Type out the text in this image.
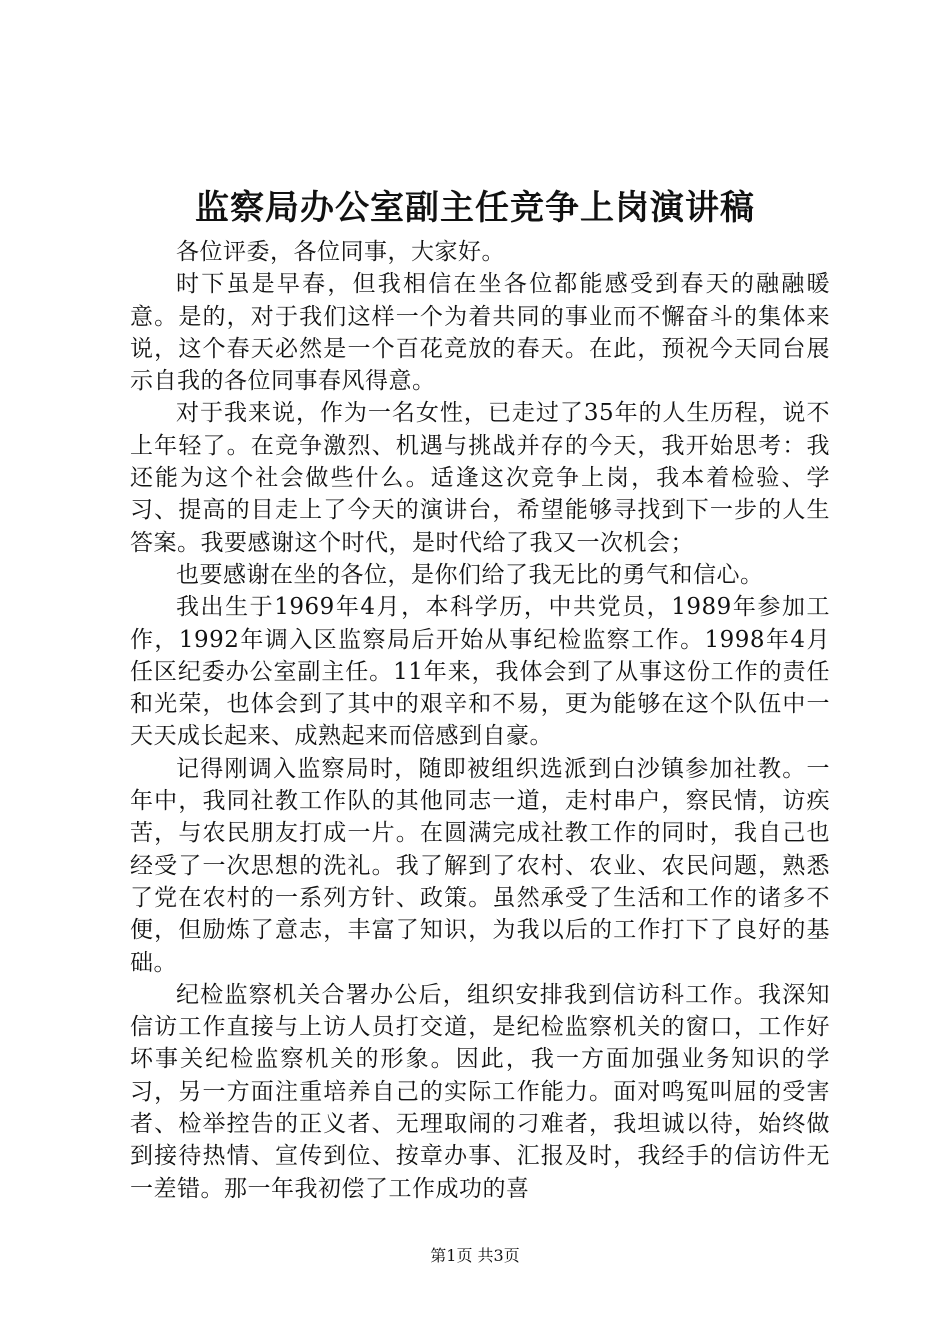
监察局办公室副主任竞争上岗演讲稿

各位评委，各位同事，大家好。

时下虽是早春，但我相信在坐各位都能感受到春天的融融暖意。是的，对于我们这样一个为着共同的事业而不懈奋斗的集体来说，这个春天必然是一个百花竞放的春天。在此，预祝今天同台展示自我的各位同事春风得意。

对于我来说，作为一名女性，已走过了35年的人生历程，说不上年轻了。在竞争激烈、机遇与挑战并存的今天，我开始思考：我还能为这个社会做些什么。适逢这次竞争上岗，我本着检验、学习、提高的目走上了今天的演讲台，希望能够寻找到下一步的人生答案。我要感谢这个时代，是时代给了我又一次机会；

也要感谢在坐的各位，是你们给了我无比的勇气和信心。

我出生于1969年4月，本科学历，中共党员，1989年参加工作，1992年调入区监察局后开始从事纪检监察工作。1998年4月任区纪委办公室副主任。11年来，我体会到了从事这份工作的责任和光荣，也体会到了其中的艰辛和不易，更为能够在这个队伍中一天天成长起来、成熟起来而倍感到自豪。

记得刚调入监察局时，随即被组织选派到白沙镇参加社教。一年中，我同社教工作队的其他同志一道，走村串户，察民情，访疾苦，与农民朋友打成一片。在圆满完成社教工作的同时，我自己也经受了一次思想的洗礼。我了解到了农村、农业、农民问题，熟悉了党在农村的一系列方针、政策。虽然承受了生活和工作的诸多不便，但励炼了意志，丰富了知识，为我以后的工作打下了良好的基础。

纪检监察机关合署办公后，组织安排我到信访科工作。我深知信访工作直接与上访人员打交道，是纪检监察机关的窗口，工作好坏事关纪检监察机关的形象。因此，我一方面加强业务知识的学习，另一方面注重培养自己的实际工作能力。面对鸣冤叫屈的受害者、检举控告的正义者、无理取闹的刁难者，我坦诚以待，始终做到接待热情、宣传到位、按章办事、汇报及时，我经手的信访件无一差错。那一年我初偿了工作成功的喜

第1页 共3页
